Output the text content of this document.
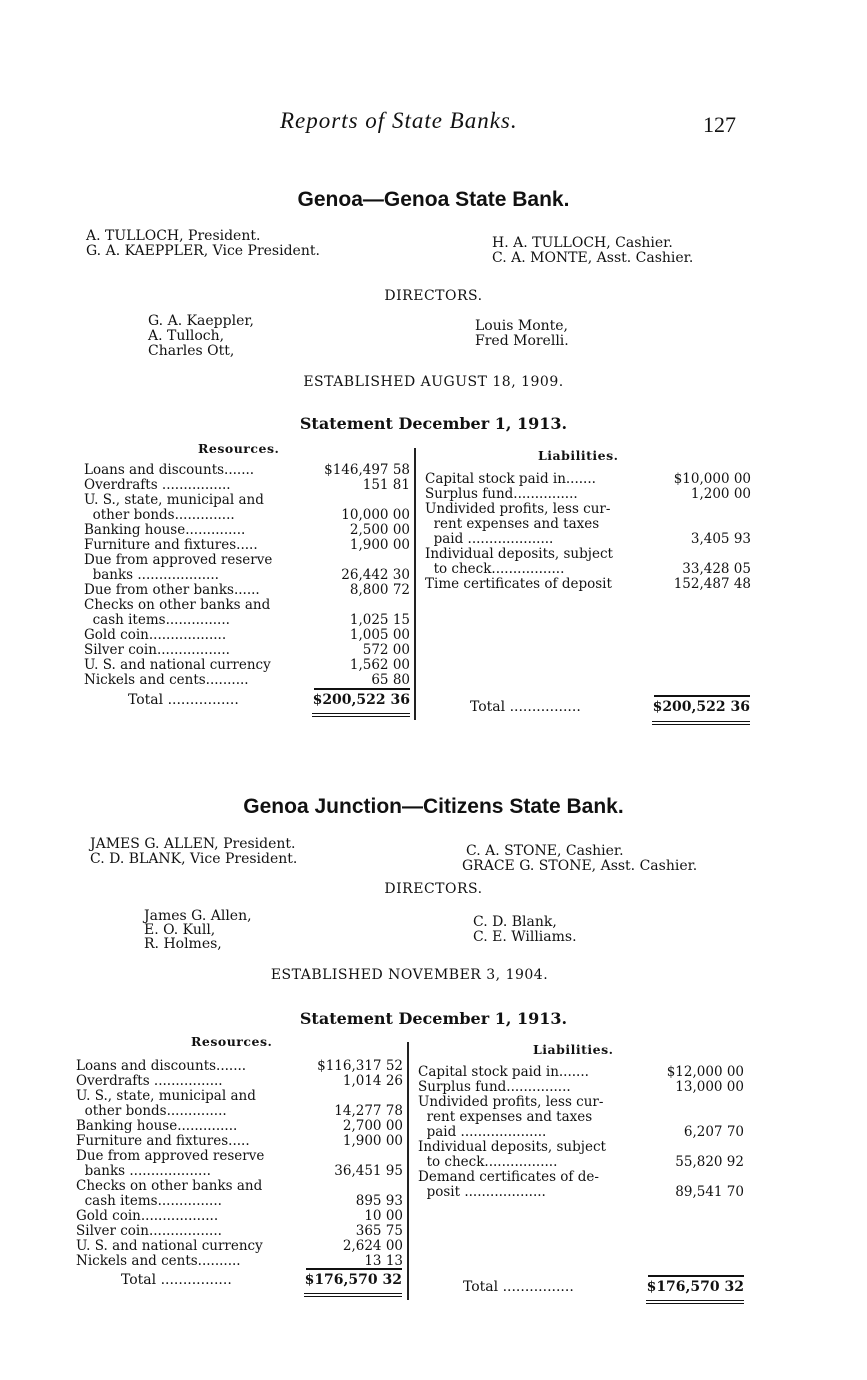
Reports of State Banks.	127
Genoa—Genoa State Bank.
A. TULLOCH, President.
G. A. KAEPPLER, Vice President.	H. A. TULLOCH, Cashier.
C. A. MONTE, Asst. Cashier.
DIRECTORS.
G. A. Kaeppler,
A. Tulloch,
Charles Ott,
Louis Monte,
Fred Morelli.
ESTABLISHED AUGUST 18, 1909.
Statement December 1, 1913.
Resources.	Liabilities.
Loans and discounts.......	$146,497 58
Overdrafts ................	151 81
U. S., state, municipal and
other bonds..............	10,000 00
Banking house..............	2,500 00
Furniture and fixtures.....	1,900 00
Due from approved reserve
banks ...................	26,442 30
Due from other banks......	8,800 72
Checks on other banks and
cash items...............	1,025 15
Gold coin..................	1,005 00
Silver coin.................	572 00
U. S. and national currency	1,562 00
Nickels and cents..........	65 80
Total ................	$200,522 36
Capital stock paid in.......	$10,000 00
Surplus fund...............	1,200 00
Undivided profits, less cur-
rent expenses and taxes
paid ....................	3,405 93
Individual deposits, subject
to check.................	33,428 05
Time certificates of deposit	152,487 48
Total ................	$200,522 36
Genoa Junction—Citizens State Bank.
JAMES G. ALLEN, President.
C. D. BLANK, Vice President.	C. A. STONE, Cashier.
GRACE G. STONE, Asst. Cashier.
DIRECTORS.
James G. Allen,
E. O. Kull,
R. Holmes,
C. D. Blank,
C. E. Williams.
ESTABLISHED NOVEMBER 3, 1904.
Statement December 1, 1913.
Resources.
Liabilities.
Loans and discounts.......	$116,317 52
Overdrafts ................	1,014 26
U. S., state, municipal and
other bonds..............	14,277 78
Banking house..............	2,700 00
Furniture and fixtures.....	1,900 00
Due from approved reserve
banks ...................	36,451 95
Checks on other banks and
cash items...............	895 93
Gold coin..................	10 00
Silver coin.................	365 75
U. S. and national currency	2,624 00
Nickels and cents..........	13 13
Total ................	$176,570 32
Capital stock paid in.......	$12,000 00
Surplus fund...............	13,000 00
Undivided profits, less cur-
rent expenses and taxes
paid ....................	6,207 70
Individual deposits, subject
to check.................	55,820 92
Demand certificates of de-
posit ...................	89,541 70
Total ................	$176,570 32
